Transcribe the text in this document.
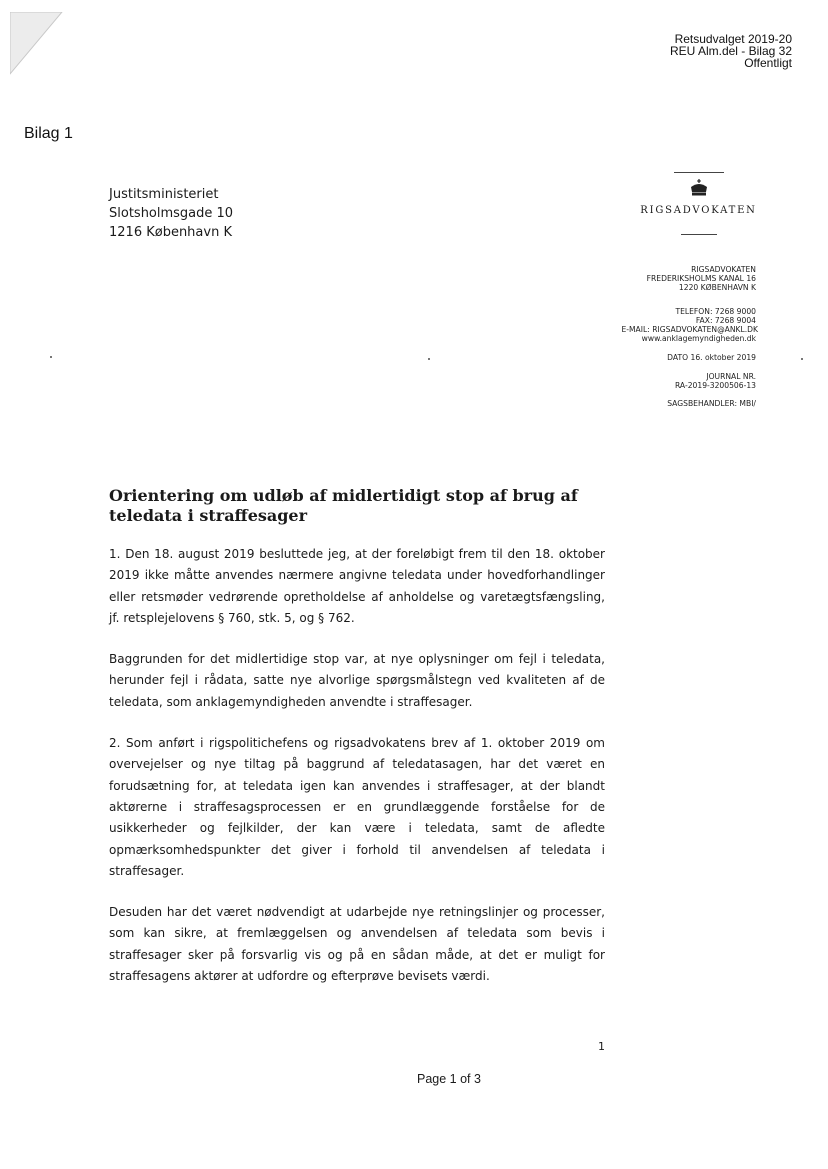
Retsudvalget 2019-20
REU Alm.del - Bilag 32
Offentligt
Bilag 1
Justitsministeriet
Slotsholmsgade 10
1216 København K
RIGSADVOKATEN
RIGSADVOKATEN
FREDERIKSHOLMS KANAL 16
1220 KØBENHAVN K
TELEFON: 7268 9000
FAX: 7268 9004
E-MAIL: RIGSADVOKATEN@ANKL.DK
www.anklagemyndigheden.dk
DATO 16. oktober 2019
JOURNAL NR.
RA-2019-3200506-13
SAGSBEHANDLER: MBI/
Orientering om udløb af midlertidigt stop af brug af teledata i straffesager

1. Den 18. august 2019 besluttede jeg, at der foreløbigt frem til den 18. oktober 2019 ikke måtte anvendes nærmere angivne teledata under hovedforhandlinger eller retsmøder vedrørende opretholdelse af anholdelse og varetægtsfængsling, jf. retsplejelovens § 760, stk. 5, og § 762.

Baggrunden for det midlertidige stop var, at nye oplysninger om fejl i teledata, herunder fejl i rådata, satte nye alvorlige spørgsmålstegn ved kvaliteten af de teledata, som anklagemyndigheden anvendte i straffesager.

2. Som anført i rigspolitichefens og rigsadvokatens brev af 1. oktober 2019 om overvejelser og nye tiltag på baggrund af teledatasagen, har det været en forudsætning for, at teledata igen kan anvendes i straffesager, at der blandt aktørerne i straffesagsprocessen er en grundlæggende forståelse for de usikkerheder og fejlkilder, der kan være i teledata, samt de afledte opmærksomhedspunkter det giver i forhold til anvendelsen af teledata i straffesager.

Desuden har det været nødvendigt at udarbejde nye retningslinjer og processer, som kan sikre, at fremlæggelsen og anvendelsen af teledata som bevis i straffesager sker på forsvarlig vis og på en sådan måde, at det er muligt for straffesagens aktører at udfordre og efterprøve bevisets værdi.

1
Page 1 of 3
